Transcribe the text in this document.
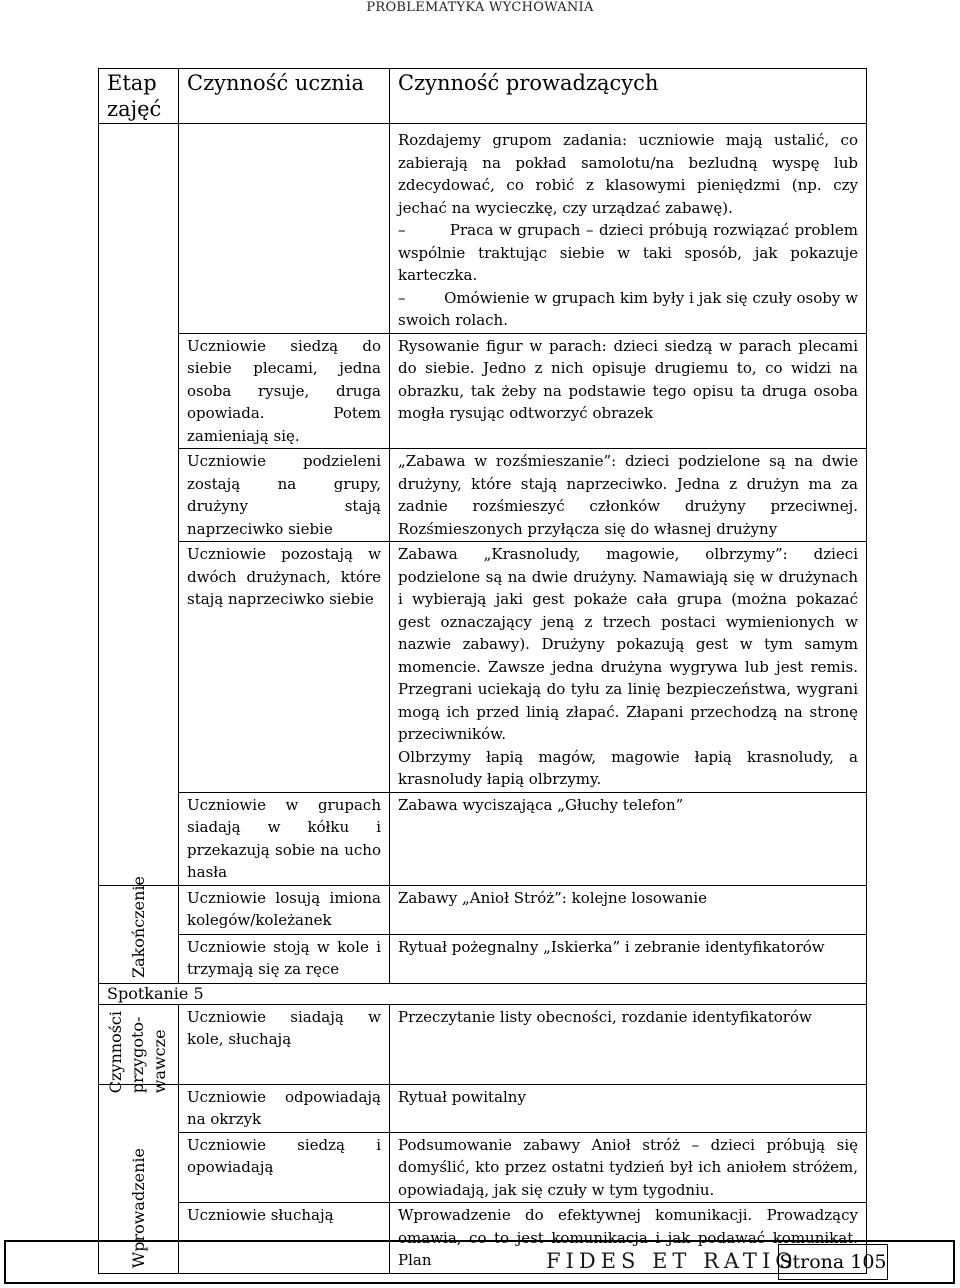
PROBLEMATYKA WYCHOWANIA
Etap zajęć	Czynność ucznia	Czynność prowadzących

		Rozdajemy grupom zadania: uczniowie mają ustalić, co zabierają na pokład samolotu/na bezludną wyspę lub zdecydować, co robić z klasowymi pieniędzmi (np. czy jechać na wycieczkę, czy urządzać zabawę).
–        Praca w grupach – dzieci próbują rozwiązać problem wspólnie traktując siebie w taki sposób, jak pokazuje karteczka.
–        Omówienie w grupach kim były i jak się czuły osoby w swoich rolach.

	Uczniowie siedzą do siebie plecami, jedna osoba rysuje, druga opowiada. Potem zamieniają się.	Rysowanie figur w parach: dzieci siedzą w parach plecami do siebie. Jedno z nich opisuje drugiemu to, co widzi na obrazku, tak żeby na podstawie tego opisu ta druga osoba mogła rysując odtworzyć obrazek
	Uczniowie podzieleni zostają na grupy, drużyny stają naprzeciwko siebie	„Zabawa w rozśmieszanie”: dzieci podzielone są na dwie drużyny, które stają naprzeciwko. Jedna z drużyn ma za zadnie rozśmieszyć członków drużyny przeciwnej. Rozśmieszonych przyłącza się do własnej drużyny
	Uczniowie pozostają w dwóch drużynach, które stają naprzeciwko siebie	Zabawa „Krasnoludy, magowie, olbrzymy”: dzieci podzielone są na dwie drużyny. Namawiają się w drużynach i wybierają jaki gest pokaże cała grupa (można pokazać gest oznaczający jeną z trzech postaci wymienionych w nazwie zabawy). Drużyny pokazują gest w tym samym momencie. Zawsze jedna drużyna wygrywa lub jest remis. Przegrani uciekają do tyłu za linię bezpieczeństwa, wygrani mogą ich przed linią złapać. Złapani przechodzą na stronę przeciwników.
Olbrzymy łapią magów, magowie łapią krasnoludy, a krasnoludy łapią olbrzymy.

	Uczniowie w grupach siadają w kółku i przekazują sobie na ucho hasła	Zabawa wyciszająca „Głuchy telefon”

Zakończenie	Uczniowie losują imiona kolegów/koleżanek	Zabawy „Anioł Stróż”: kolejne losowanie
	Uczniowie stoją w kole i trzymają się za ręce	Rytuał pożegnalny „Iskierka” i zebranie identyfikatorów
Spotkanie 5		

Czynności przygoto- wawcze	Uczniowie siadają w kole, słuchają	Przeczytanie listy obecności, rozdanie identyfikatorów

Wprowadzenie	Uczniowie odpowiadają na okrzyk	Rytuał powitalny
	Uczniowie siedzą i opowiadają	Podsumowanie zabawy Anioł stróż – dzieci próbują się domyślić, kto przez ostatni tydzień był ich aniołem stróżem, opowiadają, jak się czuły w tym tygodniu.
	Uczniowie słuchają	Wprowadzenie do efektywnej komunikacji. Prowadzący omawia, co to jest komunikacja i jak podawać komunikat. Plan	FIDES ET RATIO
Strona 105
